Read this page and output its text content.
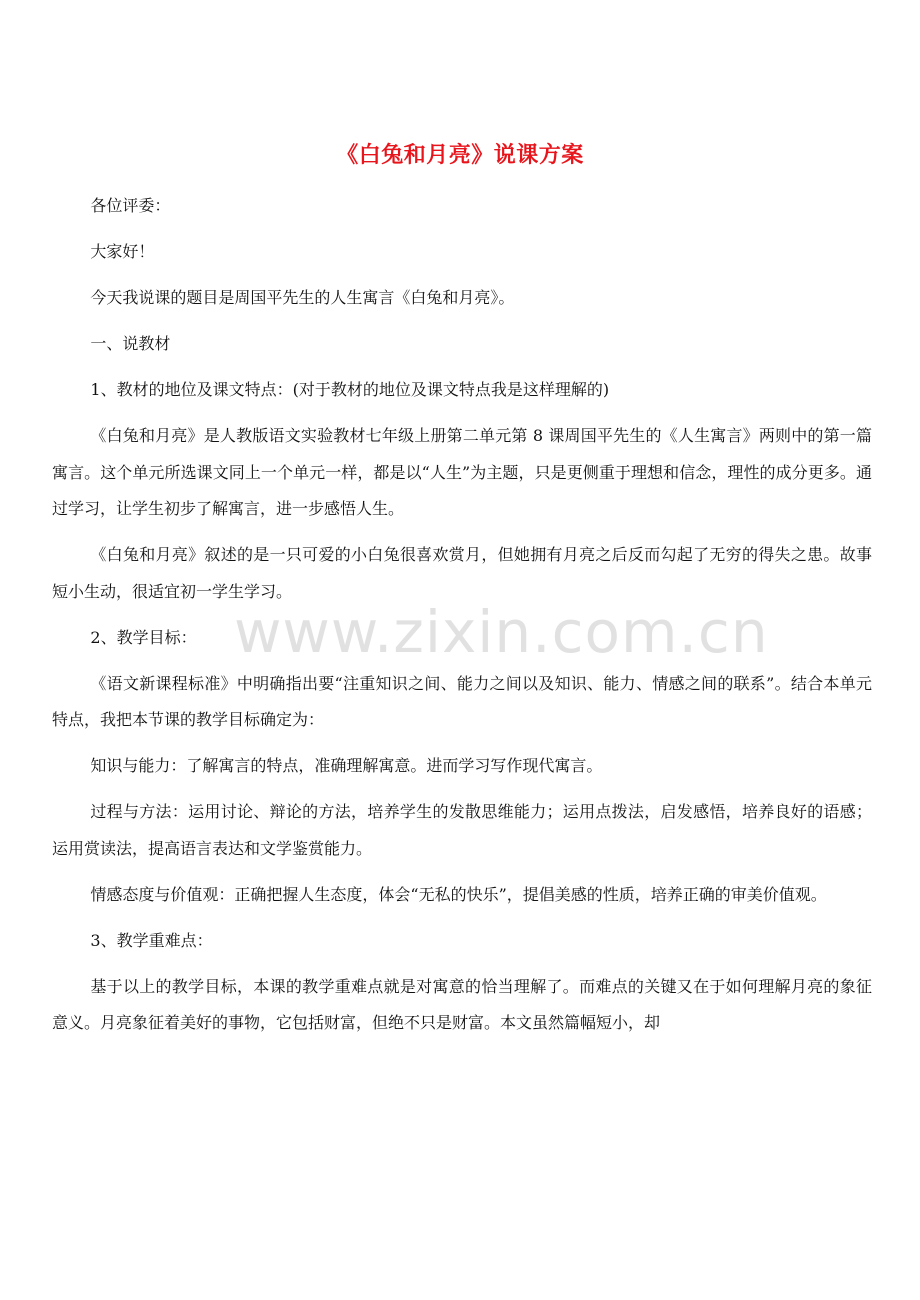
《白兔和月亮》说课方案

各位评委：

大家好！

今天我说课的题目是周国平先生的人生寓言《白兔和月亮》。

一、说教材

1、教材的地位及课文特点：(对于教材的地位及课文特点我是这样理解的)

《白兔和月亮》是人教版语文实验教材七年级上册第二单元第 8 课周国平先生的《人生寓言》两则中的第一篇寓言。这个单元所选课文同上一个单元一样，都是以“人生”为主题，只是更侧重于理想和信念，理性的成分更多。通过学习，让学生初步了解寓言，进一步感悟人生。

《白兔和月亮》叙述的是一只可爱的小白兔很喜欢赏月，但她拥有月亮之后反而勾起了无穷的得失之患。故事短小生动，很适宜初一学生学习。

2、教学目标：

《语文新课程标准》中明确指出要“注重知识之间、能力之间以及知识、能力、情感之间的联系”。结合本单元特点，我把本节课的教学目标确定为：

知识与能力：了解寓言的特点，准确理解寓意。进而学习写作现代寓言。

过程与方法：运用讨论、辩论的方法，培养学生的发散思维能力；运用点拨法，启发感悟，培养良好的语感；运用赏读法，提高语言表达和文学鉴赏能力。

情感态度与价值观：正确把握人生态度，体会“无私的快乐”，提倡美感的性质，培养正确的审美价值观。

3、教学重难点：

基于以上的教学目标，本课的教学重难点就是对寓意的恰当理解了。而难点的关键又在于如何理解月亮的象征意义。月亮象征着美好的事物，它包括财富，但绝不只是财富。本文虽然篇幅短小，却

www.zixin.com.cn
